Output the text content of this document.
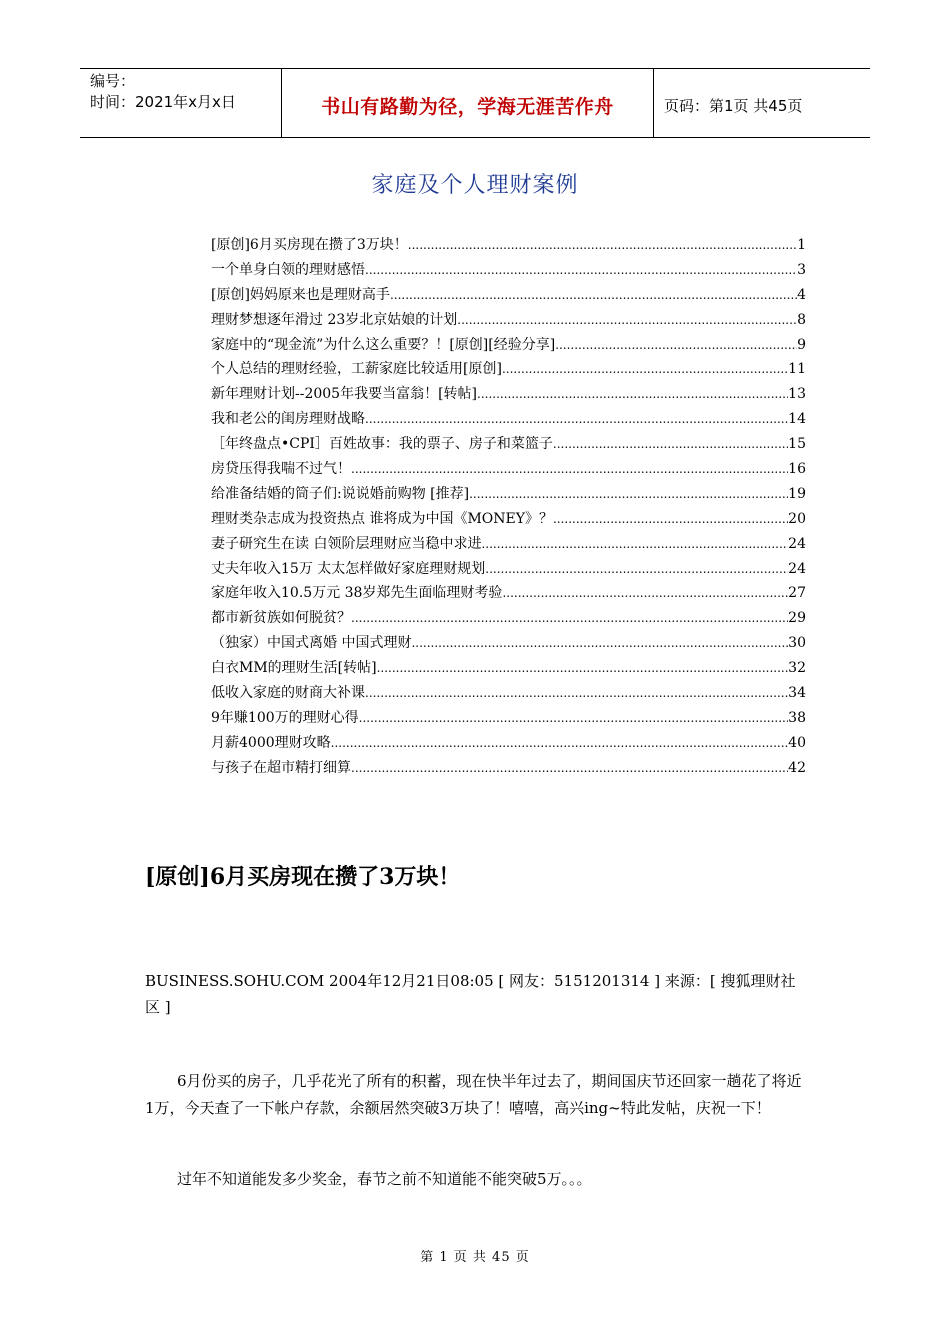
编号：
时间：2021年x月x日	书山有路勤为径，学海无涯苦作舟	页码：第1页 共45页
家庭及个人理财案例
[原创]6月买房现在攒了3万块！ .....	1
一个单身白领的理财感悟 .....	3
[原创]妈妈原来也是理财高手 .....	4
理财梦想逐年滑过 23岁北京姑娘的计划 .....	8
家庭中的“现金流”为什么这么重要？！[原创][经验分享] .....	9
个人总结的理财经验，工薪家庭比较适用[原创] .....	11
新年理财计划--2005年我要当富翁！[转帖] .....	13
我和老公的闺房理财战略 .....	14
［年终盘点•CPI］百姓故事：我的票子、房子和菜篮子 .....	15
房贷压得我喘不过气！ .....	16
给准备结婚的筒子们:说说婚前购物 [推荐] .....	19
理财类杂志成为投资热点 谁将成为中国《MONEY》？ .....	20
妻子研究生在读 白领阶层理财应当稳中求进 .....	24
丈夫年收入15万 太太怎样做好家庭理财规划 .....	24
家庭年收入10.5万元 38岁郑先生面临理财考验 .....	27
都市新贫族如何脱贫？ .....	29
（独家）中国式离婚 中国式理财 .....	30
白衣MM的理财生活[转帖] .....	32
低收入家庭的财商大补课 .....	34
9年赚100万的理财心得 .....	38
月薪4000理财攻略 .....	40
与孩子在超市精打细算 .....	42
[原创]6月买房现在攒了3万块！
BUSINESS.SOHU.COM 2004年12月21日08:05 [ 网友：5151201314 ] 来源：[ 搜狐理财社区 ]

6月份买的房子，几乎花光了所有的积蓄，现在快半年过去了，期间国庆节还回家一趟花了将近1万，今天查了一下帐户存款，余额居然突破3万块了！嘻嘻，高兴ing~特此发帖，庆祝一下！

过年不知道能发多少奖金，春节之前不知道能不能突破5万。。。

第 1 页 共 45 页
